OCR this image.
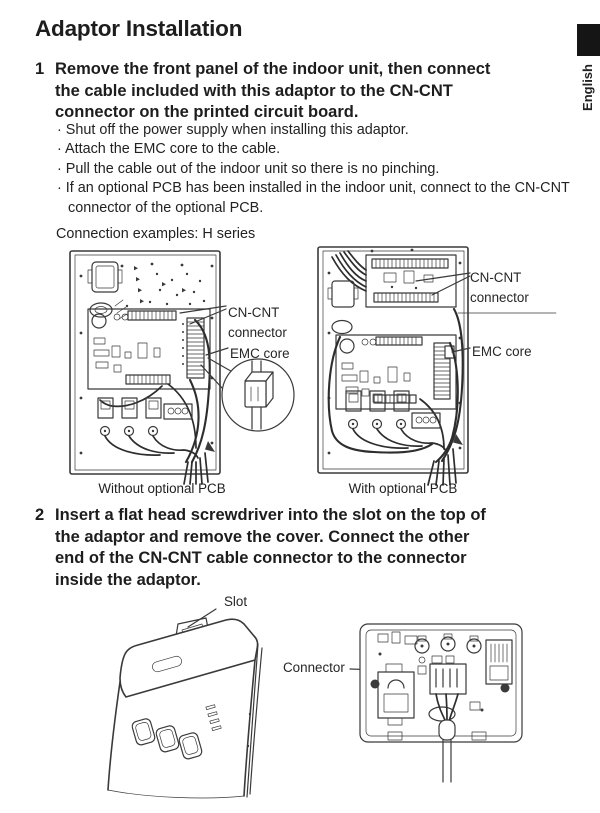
Adaptor Installation
English
1 Remove the front panel of the indoor unit, then connect
the cable included with this adaptor to the CN-CNT
connector on the printed circuit board.
· Shut off the power supply when installing this adaptor.
· Attach the EMC core to the cable.
· Pull the cable out of the indoor unit so there is no pinching.
· If an optional PCB has been installed in the indoor unit, connect to the CN-CNT connector of the optional PCB.
Connection examples: H series
CN-CNT connector
EMC core
CN-CNT connector
EMC core
Without optional PCB	With optional PCB
2 Insert a flat head screwdriver into the slot on the top of
the adaptor and remove the cover. Connect the other
end of the CN-CNT cable connector to the connector
inside the adaptor.
Slot
Connector
